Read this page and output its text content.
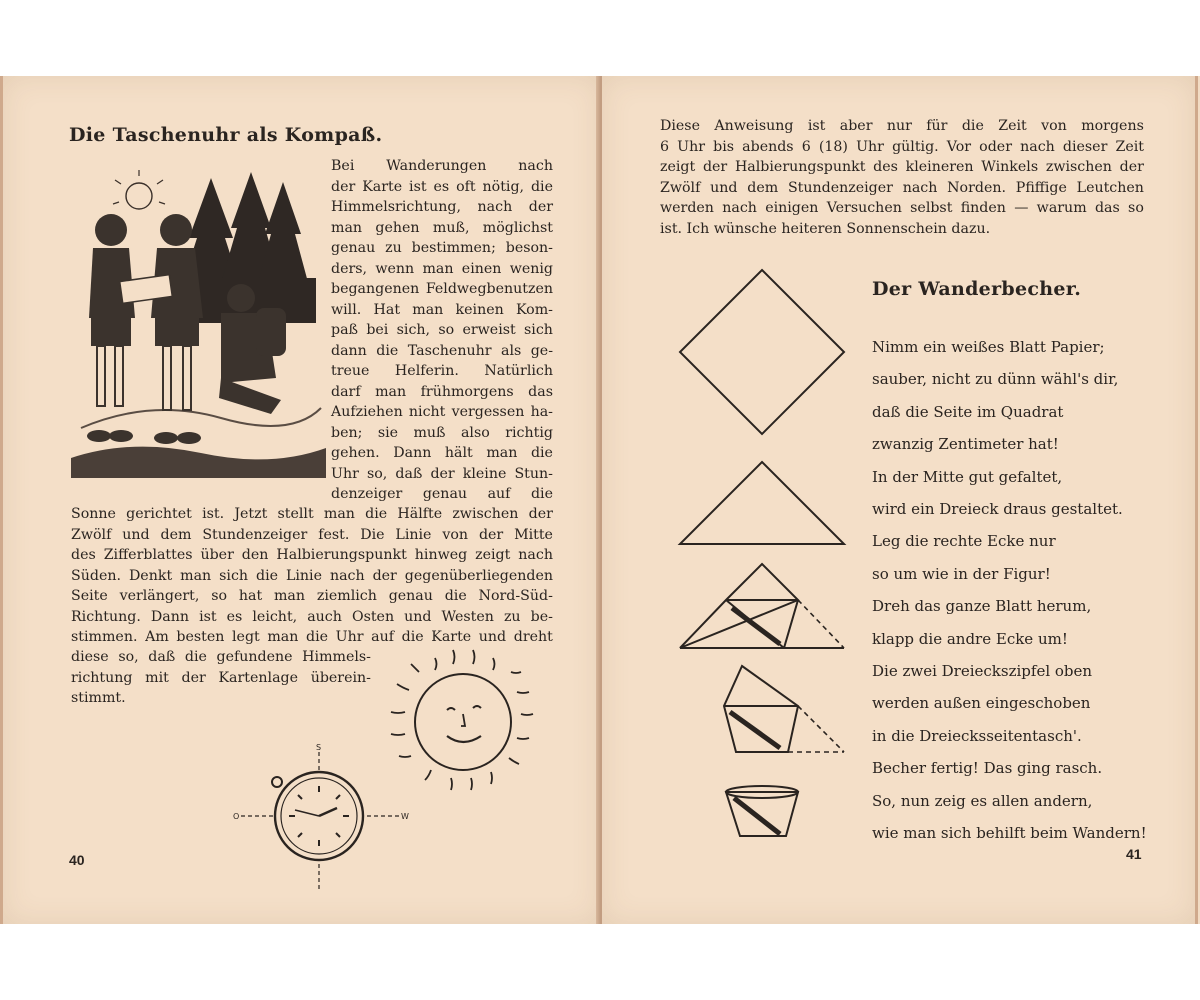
Die Taschenuhr als Kompaß.
Bei Wanderungen nach
der Karte ist es oft nötig, die
Himmelsrichtung, nach der
man gehen muß, möglichst
genau zu bestimmen; beson-
ders, wenn man einen wenig
begangenen Feldwegbenutzen
will. Hat man keinen Kom-
paß bei sich, so erweist sich
dann die Taschenuhr als ge-
treue Helferin. Natürlich
darf man frühmorgens das
Aufziehen nicht vergessen ha-
ben; sie muß also richtig
gehen. Dann hält man die
Uhr so, daß der kleine Stun-
denzeiger genau auf die
Sonne gerichtet ist. Jetzt stellt man die Hälfte zwischen der
Zwölf und dem Stundenzeiger fest. Die Linie von der Mitte
des Zifferblattes über den Halbierungspunkt hinweg zeigt nach
Süden. Denkt man sich die Linie nach der gegenüberliegenden
Seite verlängert, so hat man ziemlich genau die Nord-Süd-
Richtung. Dann ist es leicht, auch Osten und Westen zu be-
stimmen. Am besten legt man die Uhr auf die Karte und dreht
diese so, daß die gefundene Himmels-
richtung mit der Kartenlage überein-
stimmt.
S
O	W
40
Diese Anweisung ist aber nur für die Zeit von morgens
6 Uhr bis abends 6 (18) Uhr gültig. Vor oder nach dieser Zeit
zeigt der Halbierungspunkt des kleineren Winkels zwischen der
Zwölf und dem Stundenzeiger nach Norden. Pfiffige Leutchen
werden nach einigen Versuchen selbst finden — warum das so
ist. Ich wünsche heiteren Sonnenschein dazu.
Der Wanderbecher.
Nimm ein weißes Blatt Papier;
sauber, nicht zu dünn wähl's dir,
daß die Seite im Quadrat
zwanzig Zentimeter hat!
In der Mitte gut gefaltet,
wird ein Dreieck draus gestaltet.
Leg die rechte Ecke nur
so um wie in der Figur!
Dreh das ganze Blatt herum,
klapp die andre Ecke um!
Die zwei Dreieckszipfel oben
werden außen eingeschoben
in die Dreiecksseitentasch'.
Becher fertig! Das ging rasch.
So, nun zeig es allen andern,
wie man sich behilft beim Wandern!
41
